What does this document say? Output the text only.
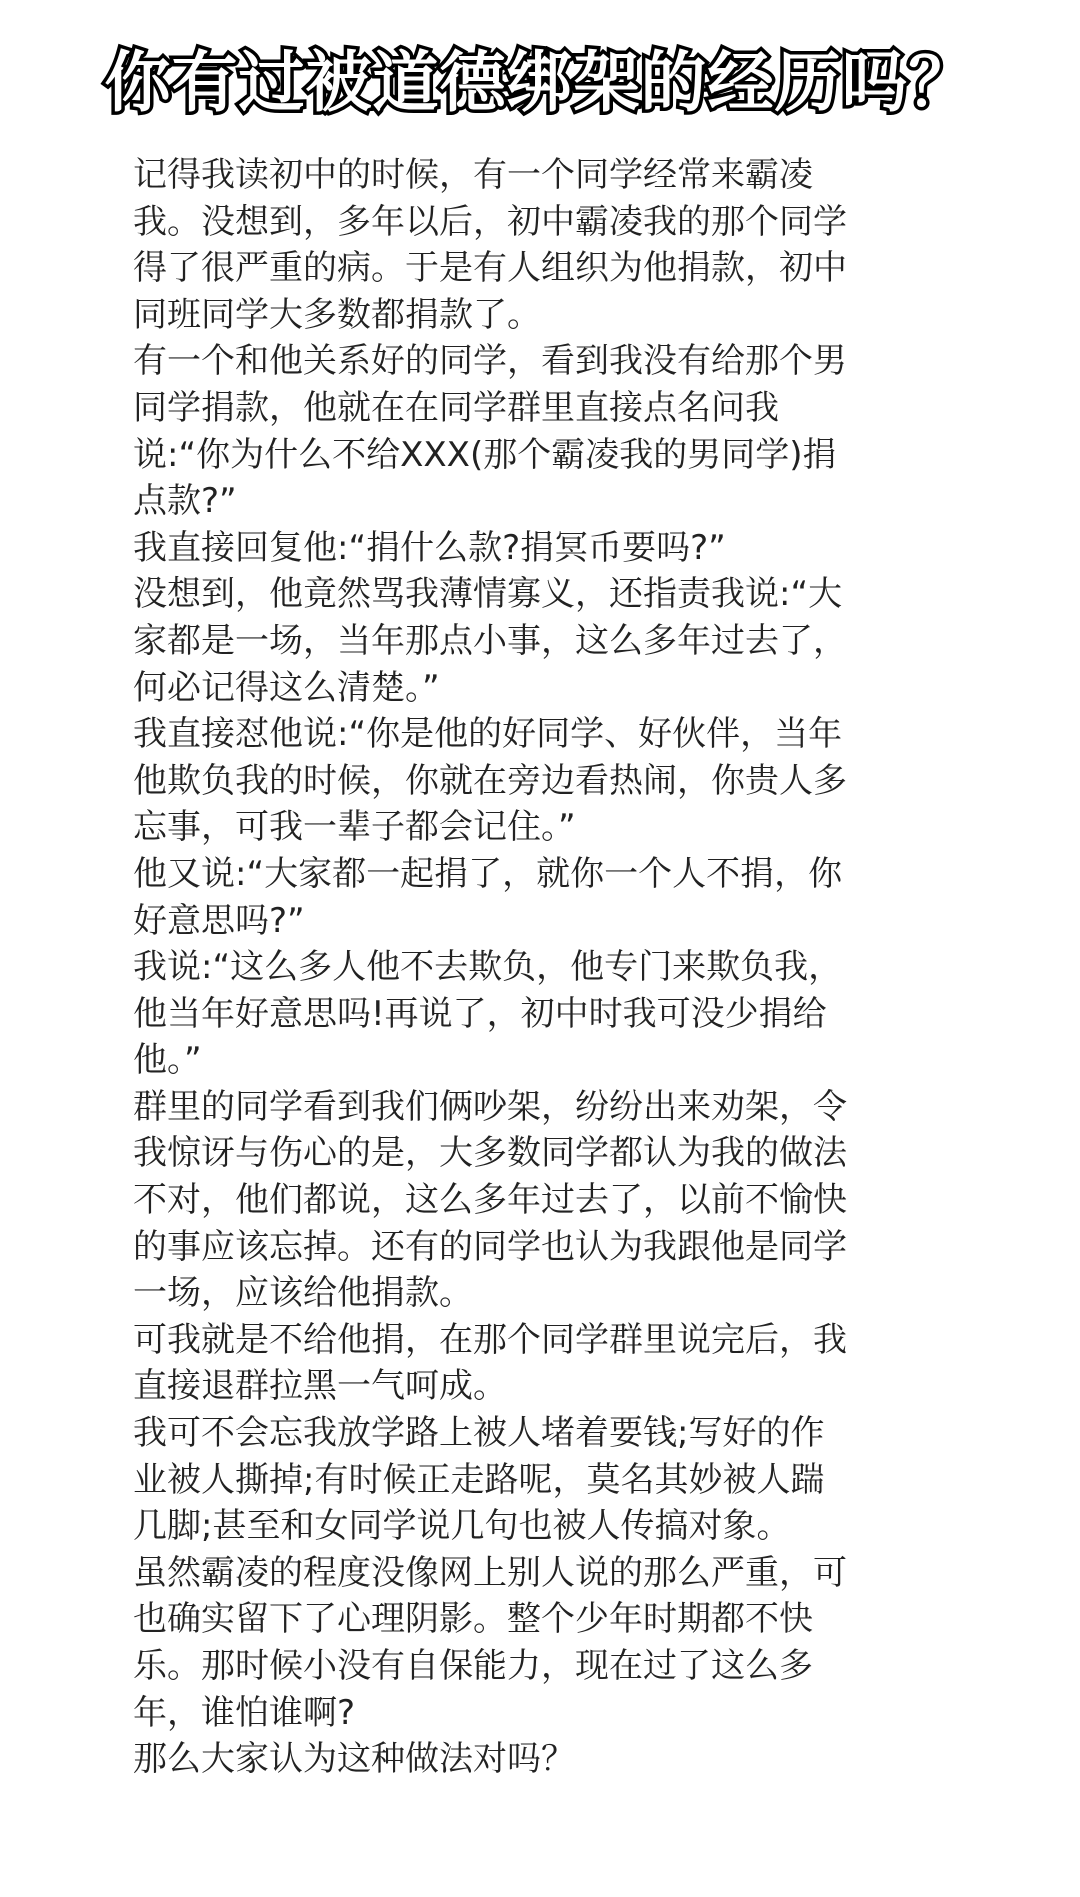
你有过被道德绑架的经历吗？

记得我读初中的时候，有一个同学经常来霸凌我。没想到，多年以后，初中霸凌我的那个同学得了很严重的病。于是有人组织为他捐款，初中同班同学大多数都捐款了。

有一个和他关系好的同学，看到我没有给那个男同学捐款，他就在在同学群里直接点名问我说:“你为什么不给XXX(那个霸凌我的男同学)捐点款?”

我直接回复他:“捐什么款?捐冥币要吗?”

没想到，他竟然骂我薄情寡义，还指责我说:“大家都是一场，当年那点小事，这么多年过去了，何必记得这么清楚。”

我直接怼他说:“你是他的好同学、好伙伴，当年他欺负我的时候，你就在旁边看热闹，你贵人多忘事，可我一辈子都会记住。”

他又说:“大家都一起捐了，就你一个人不捐，你好意思吗?”

我说:“这么多人他不去欺负，他专门来欺负我，他当年好意思吗!再说了，初中时我可没少捐给他。”

群里的同学看到我们俩吵架，纷纷出来劝架，令我惊讶与伤心的是，大多数同学都认为我的做法不对，他们都说，这么多年过去了，以前不愉快的事应该忘掉。还有的同学也认为我跟他是同学一场，应该给他捐款。

可我就是不给他捐，在那个同学群里说完后，我直接退群拉黑一气呵成。

我可不会忘我放学路上被人堵着要钱;写好的作业被人撕掉;有时候正走路呢，莫名其妙被人踹几脚;甚至和女同学说几句也被人传搞对象。

虽然霸凌的程度没像网上别人说的那么严重，可也确实留下了心理阴影。整个少年时期都不快乐。那时候小没有自保能力，现在过了这么多年，谁怕谁啊?

那么大家认为这种做法对吗？
